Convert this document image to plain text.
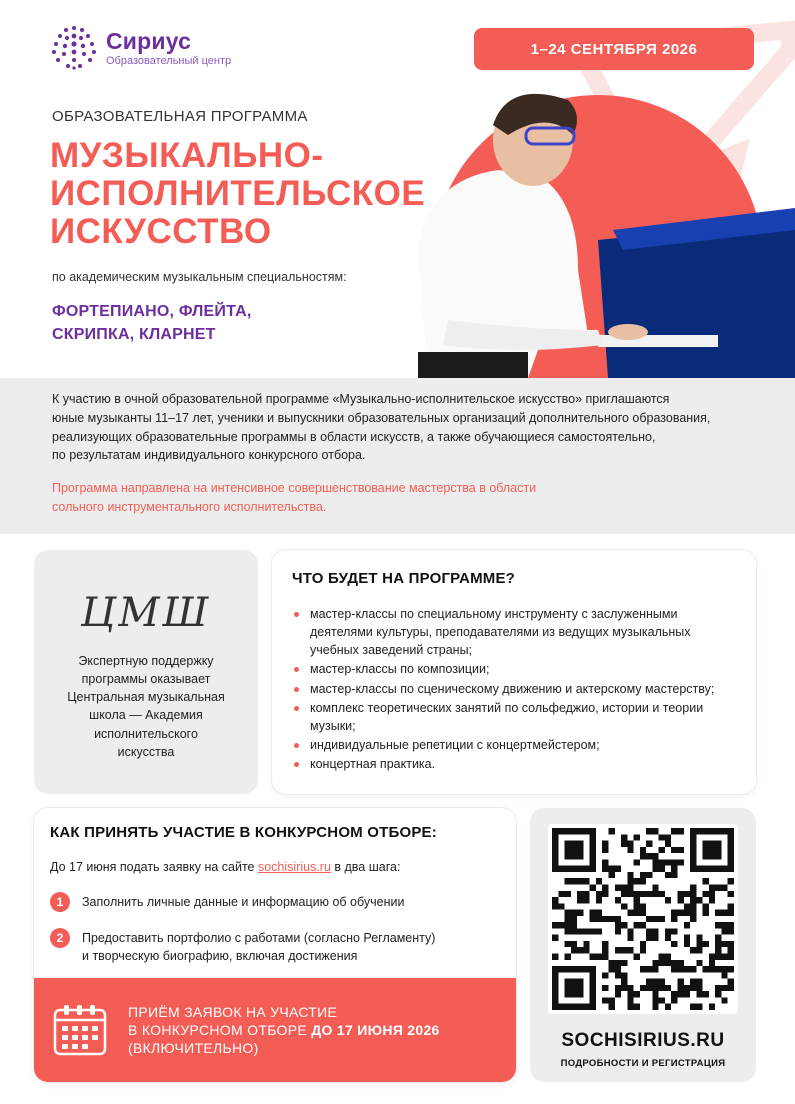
Сириус
Образовательный центр
1–24 СЕНТЯБРЯ 2026
ОБРАЗОВАТЕЛЬНАЯ ПРОГРАММА
МУЗЫКАЛЬНО-
ИСПОЛНИТЕЛЬСКОЕ
ИСКУССТВО
по академическим музыкальным специальностям:
ФОРТЕПИАНО, ФЛЕЙТА,
СКРИПКА, КЛАРНЕТ

К участию в очной образовательной программе «Музыкально-исполнительское искусство» приглашаются
юные музыканты 11–17 лет, ученики и выпускники образовательных организаций дополнительного образования,
реализующих образовательные программы в области искусств, а также обучающиеся самостоятельно,
по результатам индивидуального конкурсного отбора.

Программа направлена на интенсивное совершенствование мастерства в области
сольного инструментального исполнительства.

ЦМШ
Экспертную поддержку
программы оказывает
Центральная музыкальная
школа — Академия
исполнительского
искусства
ЧТО БУДЕТ НА ПРОГРАММЕ?
мастер-классы по специальному инструменту с заслуженными деятелями культуры, преподавателями из ведущих музыкальных учебных заведений страны;
мастер-классы по композиции;
мастер-классы по сценическому движению и актерскому мастерству;
комплекс теоретических занятий по сольфеджио, истории и теории музыки;
индивидуальные репетиции с концертмейстером;
концертная практика.
КАК ПРИНЯТЬ УЧАСТИЕ В КОНКУРСНОМ ОТБОРЕ:
До 17 июня подать заявку на сайте sochisirius.ru в два шага:
1	Заполнить личные данные и информацию об обучении
2	Предоставить портфолио с работами (согласно Регламенту)
и творческую биографию, включая достижения
ПРИЁМ ЗАЯВОК НА УЧАСТИЕ
В КОНКУРСНОМ ОТБОРЕ ДО 17 ИЮНЯ 2026
(ВКЛЮЧИТЕЛЬНО)	SOCHISIRIUS.RU
ПОДРОБНОСТИ И РЕГИСТРАЦИЯ
